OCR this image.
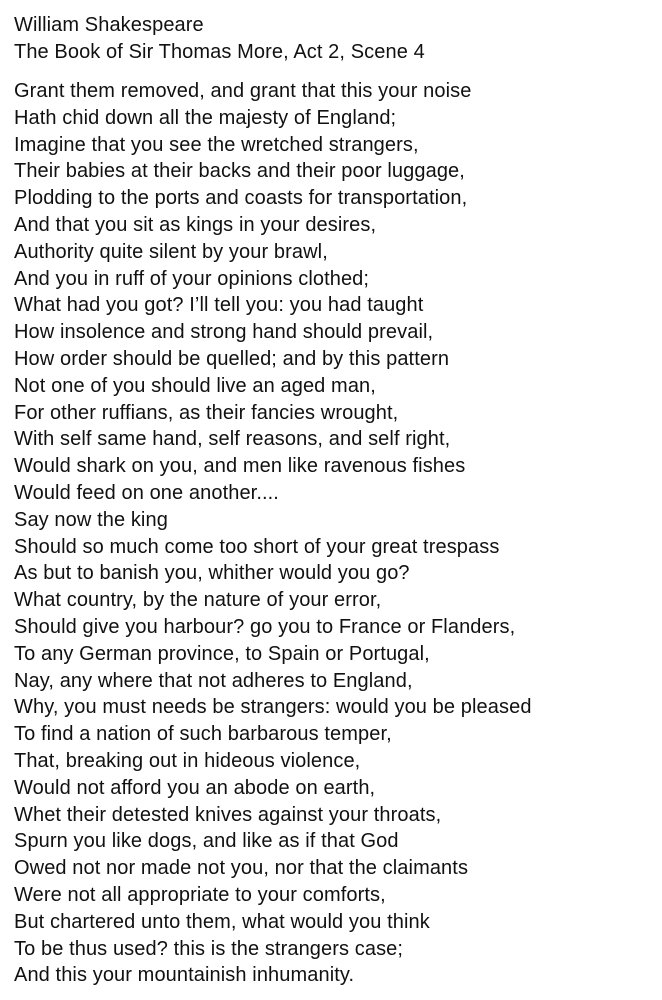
William Shakespeare
The Book of Sir Thomas More, Act 2, Scene 4
Grant them removed, and grant that this your noise
Hath chid down all the majesty of England;
Imagine that you see the wretched strangers,
Their babies at their backs and their poor luggage,
Plodding to the ports and coasts for transportation,
And that you sit as kings in your desires,
Authority quite silent by your brawl,
And you in ruff of your opinions clothed;
What had you got? I’ll tell you: you had taught
How insolence and strong hand should prevail,
How order should be quelled; and by this pattern
Not one of you should live an aged man,
For other ruffians, as their fancies wrought,
With self same hand, self reasons, and self right,
Would shark on you, and men like ravenous fishes
Would feed on one another....
Say now the king
Should so much come too short of your great trespass
As but to banish you, whither would you go?
What country, by the nature of your error,
Should give you harbour? go you to France or Flanders,
To any German province, to Spain or Portugal,
Nay, any where that not adheres to England,
Why, you must needs be strangers: would you be pleased
To find a nation of such barbarous temper,
That, breaking out in hideous violence,
Would not afford you an abode on earth,
Whet their detested knives against your throats,
Spurn you like dogs, and like as if that God
Owed not nor made not you, nor that the claimants
Were not all appropriate to your comforts,
But chartered unto them, what would you think
To be thus used? this is the strangers case;
And this your mountainish inhumanity.
